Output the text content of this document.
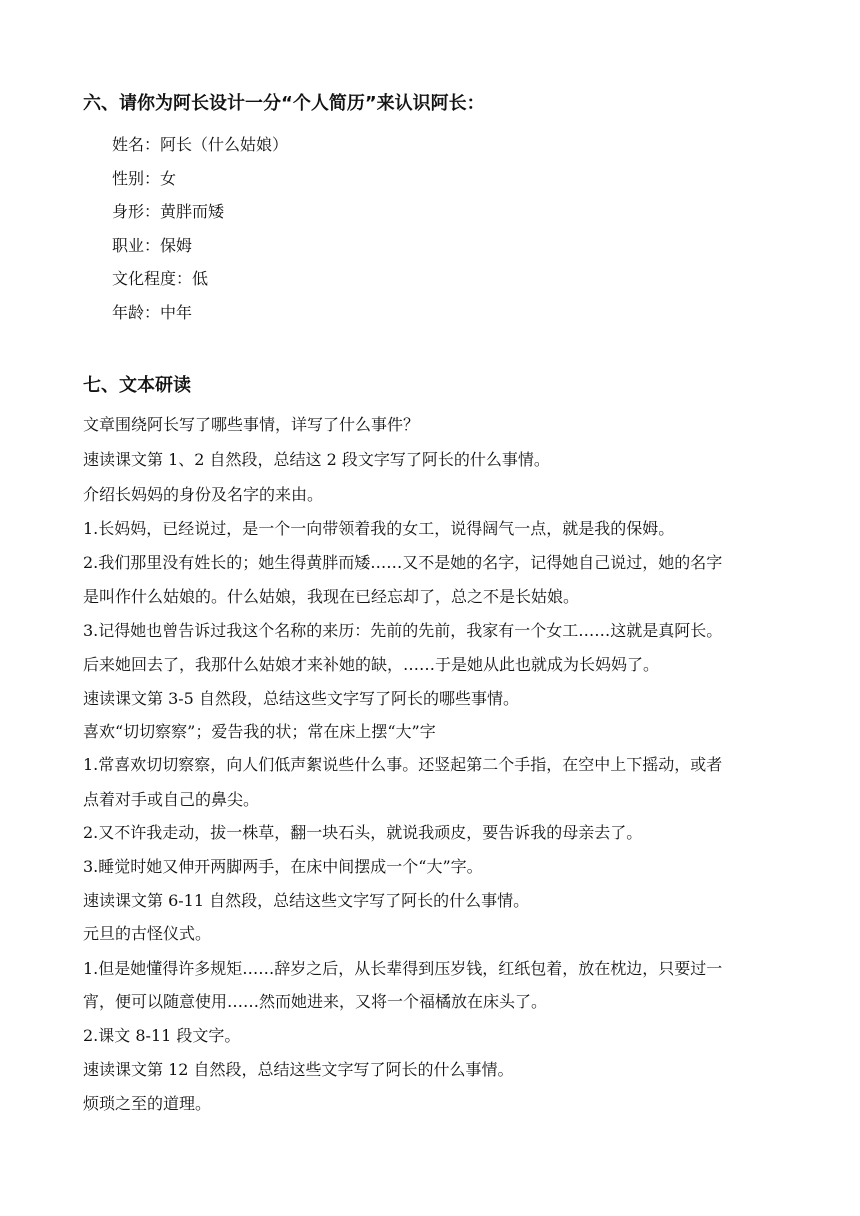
六、请你为阿长设计一分“个人简历”来认识阿长：

姓名：阿长（什么姑娘）

性别：女

身形：黄胖而矮

职业：保姆

文化程度：低

年龄：中年

七、文本研读

文章围绕阿长写了哪些事情，详写了什么事件？

速读课文第 1、2 自然段，总结这 2 段文字写了阿长的什么事情。

介绍长妈妈的身份及名字的来由。

1.长妈妈，已经说过，是一个一向带领着我的女工，说得阔气一点，就是我的保姆。

2.我们那里没有姓长的；她生得黄胖而矮……又不是她的名字，记得她自己说过，她的名字

是叫作什么姑娘的。什么姑娘，我现在已经忘却了，总之不是长姑娘。

3.记得她也曾告诉过我这个名称的来历：先前的先前，我家有一个女工……这就是真阿长。

后来她回去了，我那什么姑娘才来补她的缺，……于是她从此也就成为长妈妈了。

速读课文第 3-5 自然段，总结这些文字写了阿长的哪些事情。

喜欢“切切察察”；爱告我的状；常在床上摆“大”字

1.常喜欢切切察察，向人们低声絮说些什么事。还竖起第二个手指，在空中上下摇动，或者

点着对手或自己的鼻尖。

2.又不许我走动，拔一株草，翻一块石头，就说我顽皮，要告诉我的母亲去了。

3.睡觉时她又伸开两脚两手，在床中间摆成一个“大”字。

速读课文第 6-11 自然段，总结这些文字写了阿长的什么事情。

元旦的古怪仪式。

1.但是她懂得许多规矩……辞岁之后，从长辈得到压岁钱，红纸包着，放在枕边，只要过一

宵，便可以随意使用……然而她进来，又将一个福橘放在床头了。

2.课文 8-11 段文字。

速读课文第 12 自然段，总结这些文字写了阿长的什么事情。

烦琐之至的道理。
